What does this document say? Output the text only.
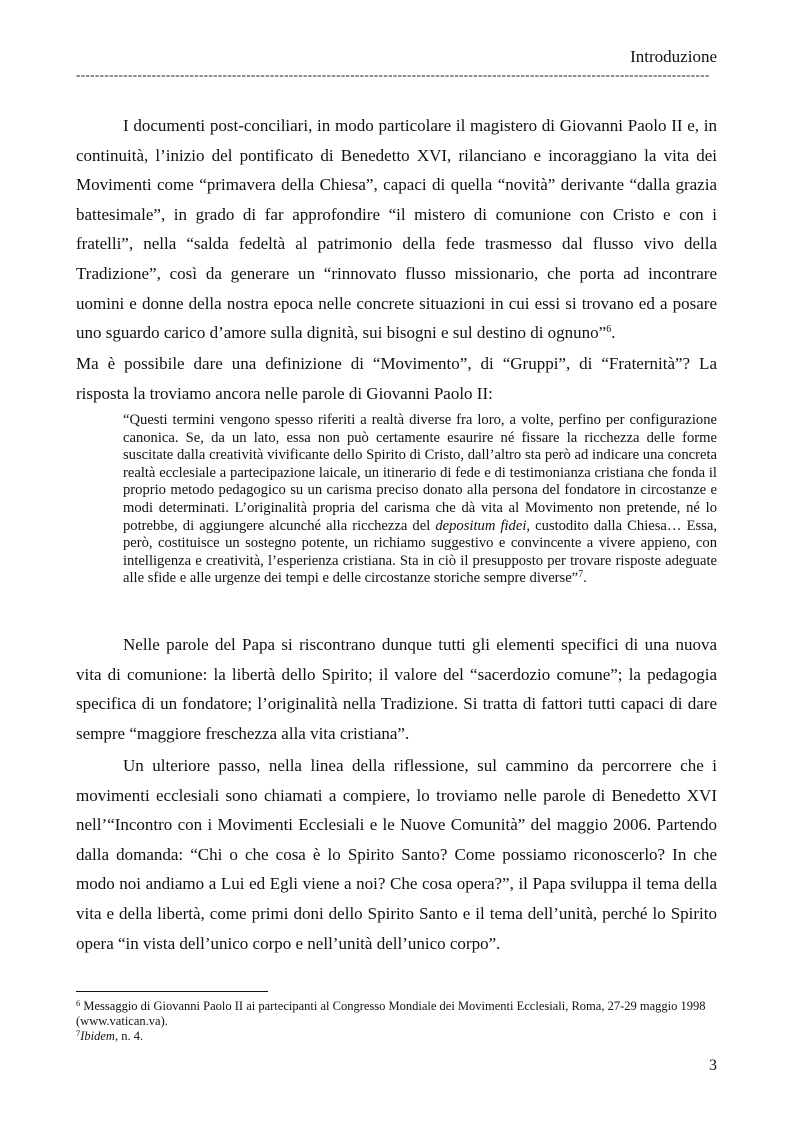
Introduzione
--------------------------------------------------------------------------------------------------------------------------------------

I documenti post-conciliari, in modo particolare il magistero di Giovanni Paolo II e, in continuità, l’inizio del pontificato di Benedetto XVI, rilanciano e incoraggiano la vita dei Movimenti come “primavera della Chiesa”, capaci di quella “novità” derivante “dalla grazia battesimale”, in grado di far approfondire “il mistero di comunione con Cristo e con i fratelli”, nella “salda fedeltà al patrimonio della fede trasmesso dal flusso vivo della Tradizione”, così da generare un “rinnovato flusso missionario, che porta ad incontrare uomini e donne della nostra epoca nelle concrete situazioni in cui essi si trovano ed a posare uno sguardo carico d’amore sulla dignità, sui bisogni e sul destino di ognuno”$^6$.

Ma è possibile dare una definizione di “Movimento”, di “Gruppi”, di “Fraternità”? La risposta la troviamo ancora nelle parole di Giovanni Paolo II:

“Questi termini vengono spesso riferiti a realtà diverse fra loro, a volte, perfino per configurazione canonica. Se, da un lato, essa non può certamente esaurire né fissare la ricchezza delle forme suscitate dalla creatività vivificante dello Spirito di Cristo, dall’altro sta però ad indicare una concreta realtà ecclesiale a partecipazione laicale, un itinerario di fede e di testimonianza cristiana che fonda il proprio metodo pedagogico su un carisma preciso donato alla persona del fondatore in circostanze e modi determinati. L’originalità propria del carisma che dà vita al Movimento non pretende, né lo potrebbe, di aggiungere alcunché alla ricchezza del depositum fidei, custodito dalla Chiesa… Essa, però, costituisce un sostegno potente, un richiamo suggestivo e convincente a vivere appieno, con intelligenza e creatività, l’esperienza cristiana. Sta in ciò il presupposto per trovare risposte adeguate alle sfide e alle urgenze dei tempi e delle circostanze storiche sempre diverse”$^7$.

Nelle parole del Papa si riscontrano dunque tutti gli elementi specifici di una nuova vita di comunione: la libertà dello Spirito; il valore del “sacerdozio comune”; la pedagogia specifica di un fondatore; l’originalità nella Tradizione. Si tratta di fattori tutti capaci di dare sempre “maggiore freschezza alla vita cristiana”.

Un ulteriore passo, nella linea della riflessione, sul cammino da percorrere che i movimenti ecclesiali sono chiamati a compiere, lo troviamo nelle parole di Benedetto XVI nell’“Incontro con i Movimenti Ecclesiali e le Nuove Comunità” del maggio 2006. Partendo dalla domanda: “Chi o che cosa è lo Spirito Santo? Come possiamo riconoscerlo? In che modo noi andiamo a Lui ed Egli viene a noi? Che cosa opera?”, il Papa sviluppa il tema della vita e della libertà, come primi doni dello Spirito Santo e il tema dell’unità, perché lo Spirito opera “in vista dell’unico corpo e nell’unità dell’unico corpo”.

$^6$ Messaggio di Giovanni Paolo II ai partecipanti al Congresso Mondiale dei Movimenti Ecclesiali, Roma, 27-29 maggio 1998 (www.vatican.va).

$^7$Ibidem, n. 4.

3
